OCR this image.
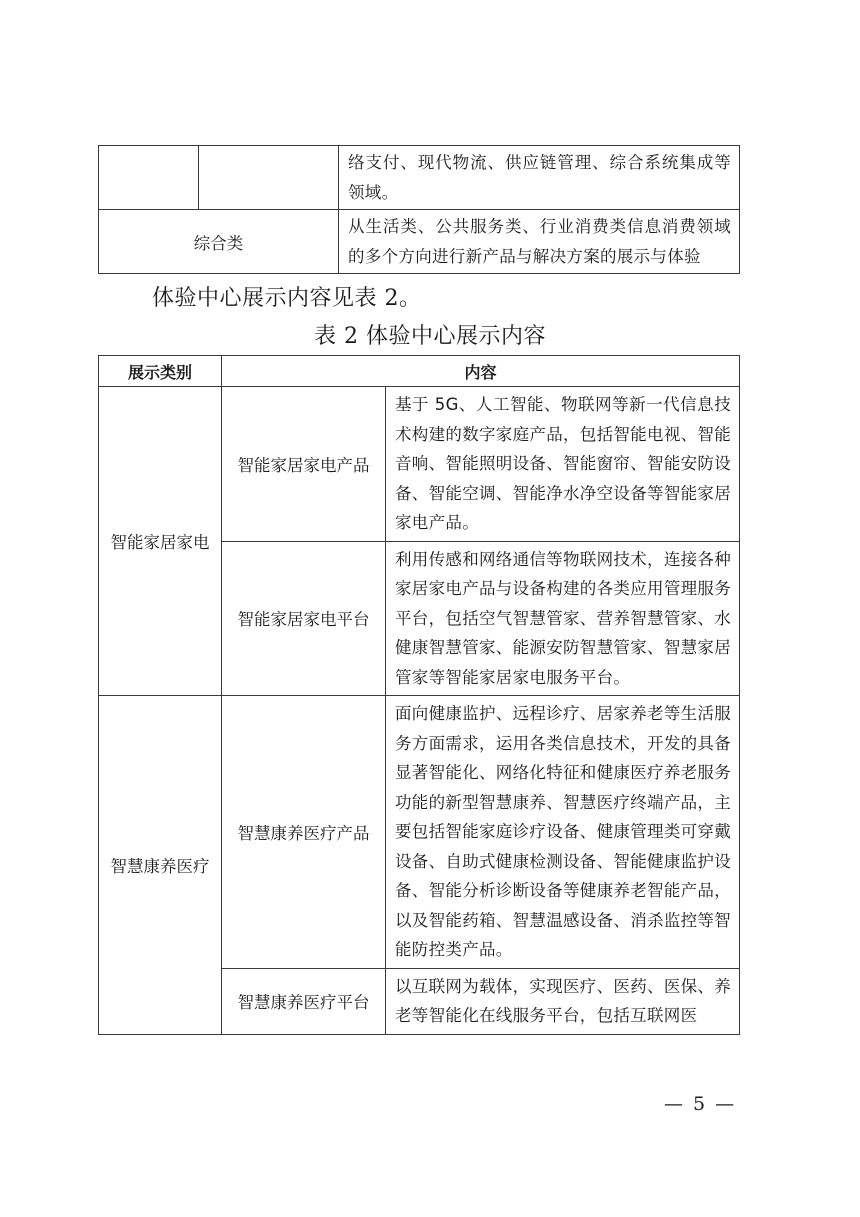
		络支付、现代物流、供应链管理、综合系统集成等领域。

综合类		从生活类、公共服务类、行业消费类信息消费领域的多个方向进行新产品与解决方案的展示与体验

体验中心展示内容见表 2。

表 2 体验中心展示内容

展示类别	内容	
智能家居家电	智能家居家电产品	基于 5G、人工智能、物联网等新一代信息技术构建的数字家庭产品，包括智能电视、智能音响、智能照明设备、智能窗帘、智能安防设备、智能空调、智能净水净空设备等智能家居家电产品。

	智能家居家电平台	利用传感和网络通信等物联网技术，连接各种家居家电产品与设备构建的各类应用管理服务平台，包括空气智慧管家、营养智慧管家、水健康智慧管家、能源安防智慧管家、智慧家居管家等智能家居家电服务平台。

智慧康养医疗	智慧康养医疗产品	面向健康监护、远程诊疗、居家养老等生活服务方面需求，运用各类信息技术，开发的具备显著智能化、网络化特征和健康医疗养老服务功能的新型智慧康养、智慧医疗终端产品，主要包括智能家庭诊疗设备、健康管理类可穿戴设备、自助式健康检测设备、智能健康监护设备、智能分析诊断设备等健康养老智能产品，以及智能药箱、智慧温感设备、消杀监控等智能防控类产品。

	智慧康养医疗平台	以互联网为载体，实现医疗、医药、医保、养老等智能化在线服务平台，包括互联网医
— 5 —
